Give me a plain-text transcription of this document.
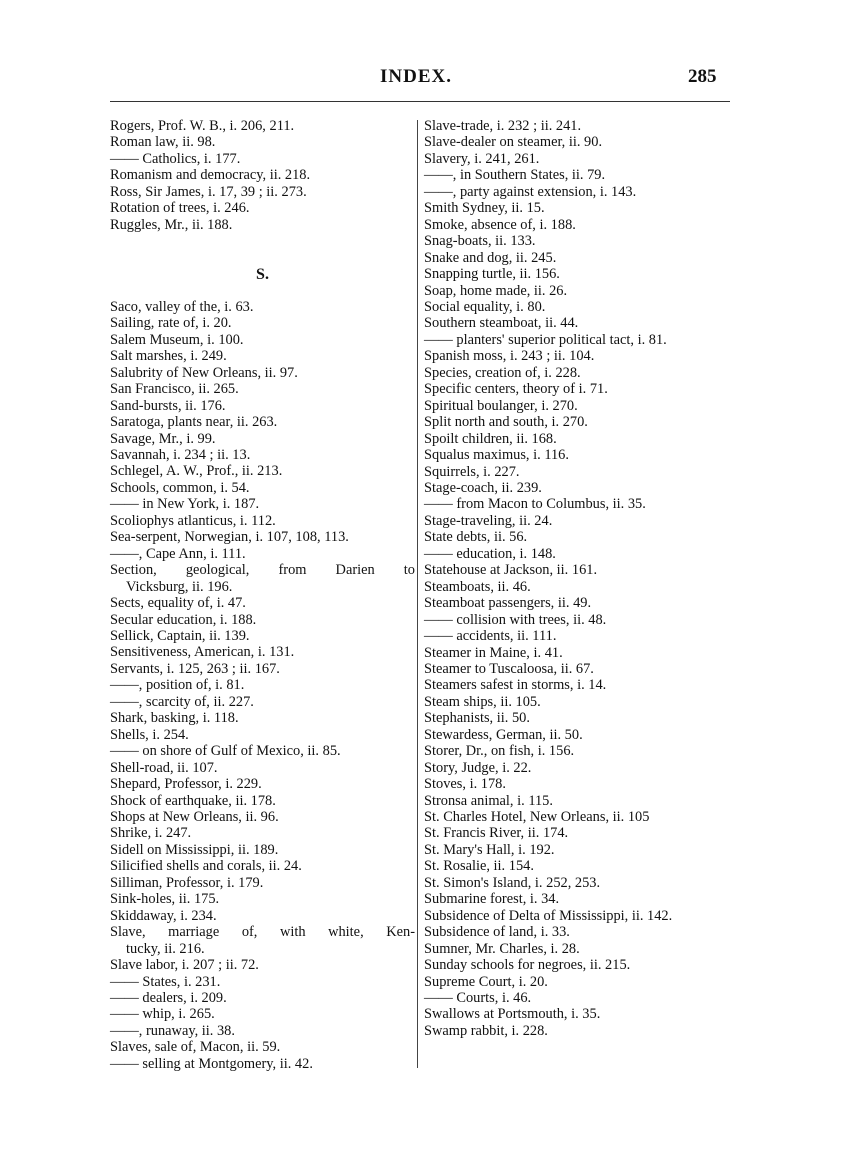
INDEX.	285
Rogers, Prof. W. B., i. 206, 211.
Roman law, ii. 98.
—— Catholics, i. 177.
Romanism and democracy, ii. 218.
Ross, Sir James, i. 17, 39 ; ii. 273.
Rotation of trees, i. 246.
Ruggles, Mr., ii. 188.
S.
Saco, valley of the, i. 63.
Sailing, rate of, i. 20.
Salem Museum, i. 100.
Salt marshes, i. 249.
Salubrity of New Orleans, ii. 97.
San Francisco, ii. 265.
Sand-bursts, ii. 176.
Saratoga, plants near, ii. 263.
Savage, Mr., i. 99.
Savannah, i. 234 ; ii. 13.
Schlegel, A. W., Prof., ii. 213.
Schools, common, i. 54.
—— in New York, i. 187.
Scoliophys atlanticus, i. 112.
Sea-serpent, Norwegian, i. 107, 108, 113.
——, Cape Ann, i. 111.
Section, geological, from Darien to
Vicksburg, ii. 196.
Sects, equality of, i. 47.
Secular education, i. 188.
Sellick, Captain, ii. 139.
Sensitiveness, American, i. 131.
Servants, i. 125, 263 ; ii. 167.
——, position of, i. 81.
——, scarcity of, ii. 227.
Shark, basking, i. 118.
Shells, i. 254.
—— on shore of Gulf of Mexico, ii. 85.
Shell-road, ii. 107.
Shepard, Professor, i. 229.
Shock of earthquake, ii. 178.
Shops at New Orleans, ii. 96.
Shrike, i. 247.
Sidell on Mississippi, ii. 189.
Silicified shells and corals, ii. 24.
Silliman, Professor, i. 179.
Sink-holes, ii. 175.
Skiddaway, i. 234.
Slave, marriage of, with white, Ken-
tucky, ii. 216.
Slave labor, i. 207 ; ii. 72.
—— States, i. 231.
—— dealers, i. 209.
—— whip, i. 265.
——, runaway, ii. 38.
Slaves, sale of, Macon, ii. 59.
—— selling at Montgomery, ii. 42.
Slave-trade, i. 232 ; ii. 241.
Slave-dealer on steamer, ii. 90.
Slavery, i. 241, 261.
——, in Southern States, ii. 79.
——, party against extension, i. 143.
Smith Sydney, ii. 15.
Smoke, absence of, i. 188.
Snag-boats, ii. 133.
Snake and dog, ii. 245.
Snapping turtle, ii. 156.
Soap, home made, ii. 26.
Social equality, i. 80.
Southern steamboat, ii. 44.
—— planters' superior political tact, i. 81.
Spanish moss, i. 243 ; ii. 104.
Species, creation of, i. 228.
Specific centers, theory of i. 71.
Spiritual boulanger, i. 270.
Split north and south, i. 270.
Spoilt children, ii. 168.
Squalus maximus, i. 116.
Squirrels, i. 227.
Stage-coach, ii. 239.
—— from Macon to Columbus, ii. 35.
Stage-traveling, ii. 24.
State debts, ii. 56.
—— education, i. 148.
Statehouse at Jackson, ii. 161.
Steamboats, ii. 46.
Steamboat passengers, ii. 49.
—— collision with trees, ii. 48.
—— accidents, ii. 111.
Steamer in Maine, i. 41.
Steamer to Tuscaloosa, ii. 67.
Steamers safest in storms, i. 14.
Steam ships, ii. 105.
Stephanists, ii. 50.
Stewardess, German, ii. 50.
Storer, Dr., on fish, i. 156.
Story, Judge, i. 22.
Stoves, i. 178.
Stronsa animal, i. 115.
St. Charles Hotel, New Orleans, ii. 105
St. Francis River, ii. 174.
St. Mary's Hall, i. 192.
St. Rosalie, ii. 154.
St. Simon's Island, i. 252, 253.
Submarine forest, i. 34.
Subsidence of Delta of Mississippi, ii. 142.
Subsidence of land, i. 33.
Sumner, Mr. Charles, i. 28.
Sunday schools for negroes, ii. 215.
Supreme Court, i. 20.
—— Courts, i. 46.
Swallows at Portsmouth, i. 35.
Swamp rabbit, i. 228.
